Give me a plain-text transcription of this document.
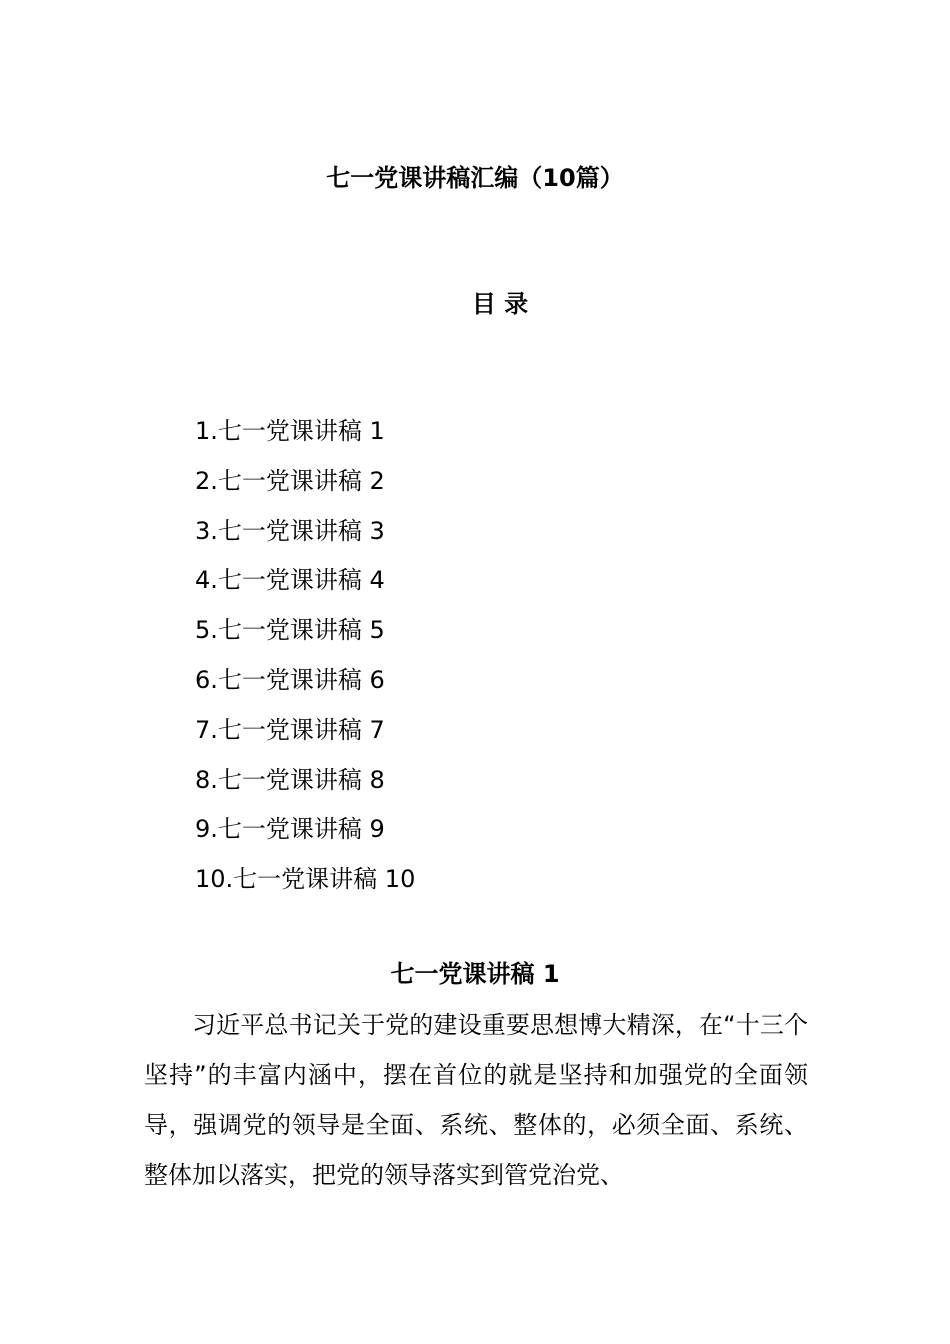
七一党课讲稿汇编（10篇）
目 录
1.七一党课讲稿 1
2.七一党课讲稿 2
3.七一党课讲稿 3
4.七一党课讲稿 4
5.七一党课讲稿 5
6.七一党课讲稿 6
7.七一党课讲稿 7
8.七一党课讲稿 8
9.七一党课讲稿 9
10.七一党课讲稿 10
七一党课讲稿 1

习近平总书记关于党的建设重要思想博大精深，在“十三个坚持”的丰富内涵中，摆在首位的就是坚持和加强党的全面领导，强调党的领导是全面、系统、整体的，必须全面、系统、整体加以落实，把党的领导落实到管党治党、
